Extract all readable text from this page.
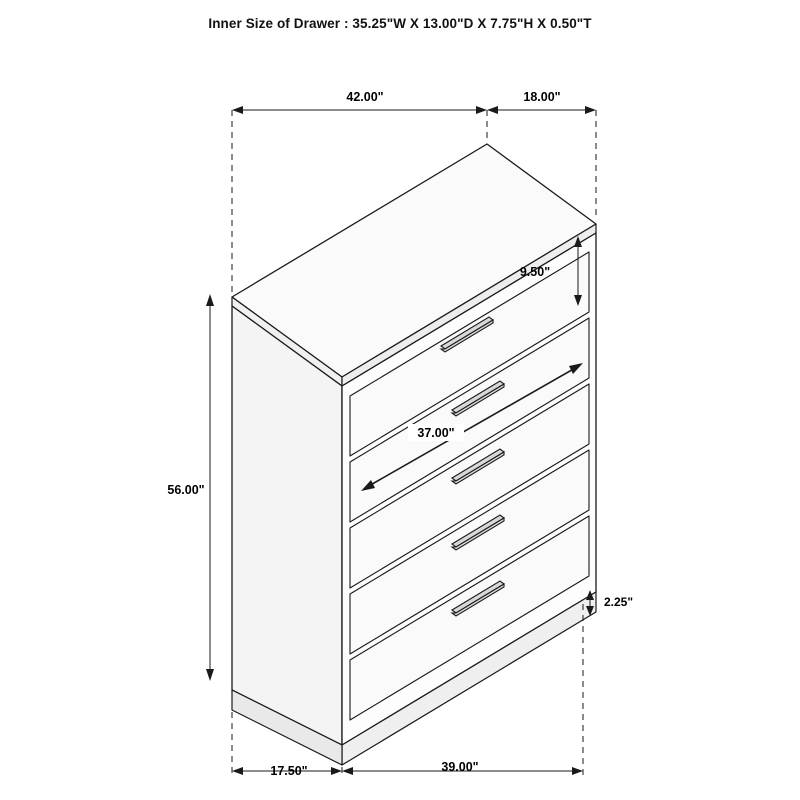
Inner Size of Drawer : 35.25"W X 13.00"D X 7.75"H X 0.50"T
42.00"	18.00"
9.50"
37.00"
56.00"
2.25"
17.50"	39.00"
